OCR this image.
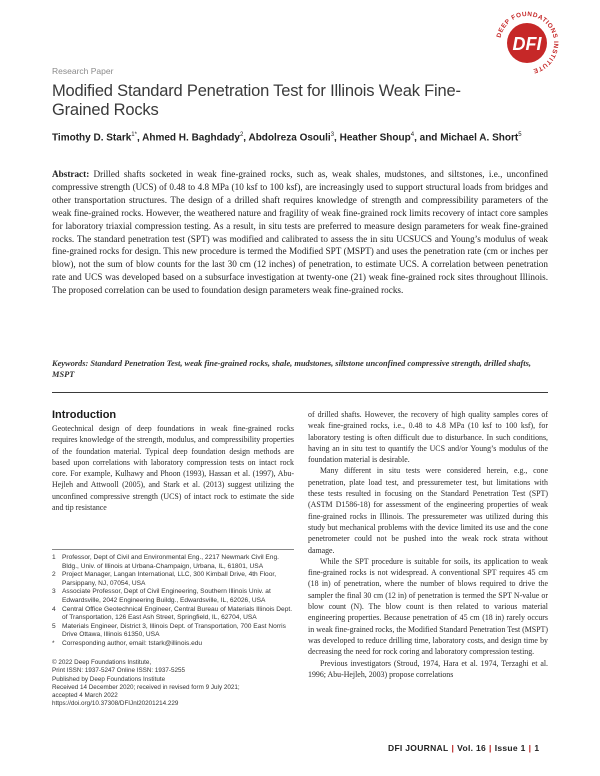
Research Paper
Modified Standard Penetration Test for Illinois Weak Fine-Grained Rocks
DEEP FOUNDATIONS INSTITUTE
DFI
Timothy D. Stark$^{1*}$, Ahmed H. Baghdady$^2$, Abdolreza Osouli$^3$, Heather Shoup$^4$, and Michael A. Short$^5$
Abstract: Drilled shafts socketed in weak fine-grained rocks, such as, weak shales, mudstones, and siltstones, i.e., unconfined compressive strength (UCS) of 0.48 to 4.8 MPa (10 ksf to 100 ksf), are increasingly used to support structural loads from bridges and other transportation structures. The design of a drilled shaft requires knowledge of strength and compressibility parameters of the weak fine-grained rocks. However, the weathered nature and fragility of weak fine-grained rock limits recovery of intact core samples for laboratory triaxial compression testing. As a result, in situ tests are preferred to measure design parameters for weak fine-grained rocks. The standard penetration test (SPT) was modified and calibrated to assess the in situ UCSUCS and Young’s modulus of weak fine-grained rocks for design. This new procedure is termed the Modified SPT (MSPT) and uses the penetration rate (cm or inches per blow), not the sum of blow counts for the last 30 cm (12 inches) of penetration, to estimate UCS. A correlation between penetration rate and UCS was developed based on a subsurface investigation at twenty-one (21) weak fine-grained rock sites throughout Illinois. The proposed correlation can be used to foundation design parameters weak fine-grained rocks.
Keywords: Standard Penetration Test, weak fine-grained rocks, shale, mudstones, siltstone unconfined compressive strength, drilled shafts, MSPT
Introduction
Geotechnical design of deep foundations in weak fine-grained rocks requires knowledge of the strength, modulus, and compressibility properties of the foundation material. Typical deep foundation design methods are based upon correlations with laboratory compression tests on intact rock core. For example, Kulhawy and Phoon (1993), Hassan et al. (1997), Abu-Hejleh and Attwooll (2005), and Stark et al. (2013) suggest utilizing the unconfined compressive strength (UCS) of intact rock to estimate the side and tip resistance

of drilled shafts. However, the recovery of high quality samples cores of weak fine-grained rocks, i.e., 0.48 to 4.8 MPa (10 ksf to 100 ksf), for laboratory testing is often difficult due to disturbance. In such conditions, having an in situ test to quantify the UCS and/or Young’s modulus of the foundation material is desirable.

Many different in situ tests were considered herein, e.g., cone penetration, plate load test, and pressuremeter test, but limitations with these tests resulted in focusing on the Standard Penetration Test (SPT) (ASTM D1586-18) for assessment of the engineering properties of weak fine-grained rocks in Illinois. The pressuremeter was utilized during this study but mechanical problems with the device limited its use and the cone penetrometer could not be pushed into the weak rock strata without damage.

While the SPT procedure is suitable for soils, its application to weak fine-grained rocks is not widespread. A conventional SPT requires 45 cm (18 in) of penetration, where the number of blows required to drive the sampler the final 30 cm (12 in) of penetration is termed the SPT N-value or blow count (N). The blow count is then related to various material engineering properties. Because penetration of 45 cm (18 in) rarely occurs in weak fine-grained rocks, the Modified Standard Penetration Test (MSPT) was developed to reduce drilling time, laboratory costs, and design time by decreasing the need for rock coring and laboratory compression testing.

Previous investigators (Stroud, 1974, Hara et al. 1974, Terzaghi et al. 1996; Abu-Hejleh, 2003) propose correlations

1 Professor, Dept of Civil and Environmental Eng., 2217 Newmark Civil Eng. Bldg., Univ. of Illinois at Urbana-Champaign, Urbana, IL, 61801, USA
2 Project Manager, Langan International, LLC, 300 Kimball Drive, 4th Floor, Parsippany, NJ, 07054, USA
3 Associate Professor, Dept of Civil Engineering, Southern Illinois Univ. at Edwardsville, 2042 Engineering Buildg., Edwardsville, IL, 62026, USA
4 Central Office Geotechnical Engineer, Central Bureau of Materials Illinois Dept. of Transportation, 126 East Ash Street, Springfield, IL, 62704, USA
5 Materials Engineer, District 3, Illinois Dept. of Transportation, 700 East Norris Drive Ottawa, Illinois 61350, USA
*	Corresponding author, email: tstark@illinois.edu
© 2022 Deep Foundations Institute,
Print ISSN: 1937-5247 Online ISSN: 1937-5255
Published by Deep Foundations Institute
Received 14 December 2020; received in revised form 9 July 2021;
accepted 4 March 2022
https://doi.org/10.37308/DFIJnl20201214.229
DFI JOURNAL | Vol. 16 | Issue 1 | 1
